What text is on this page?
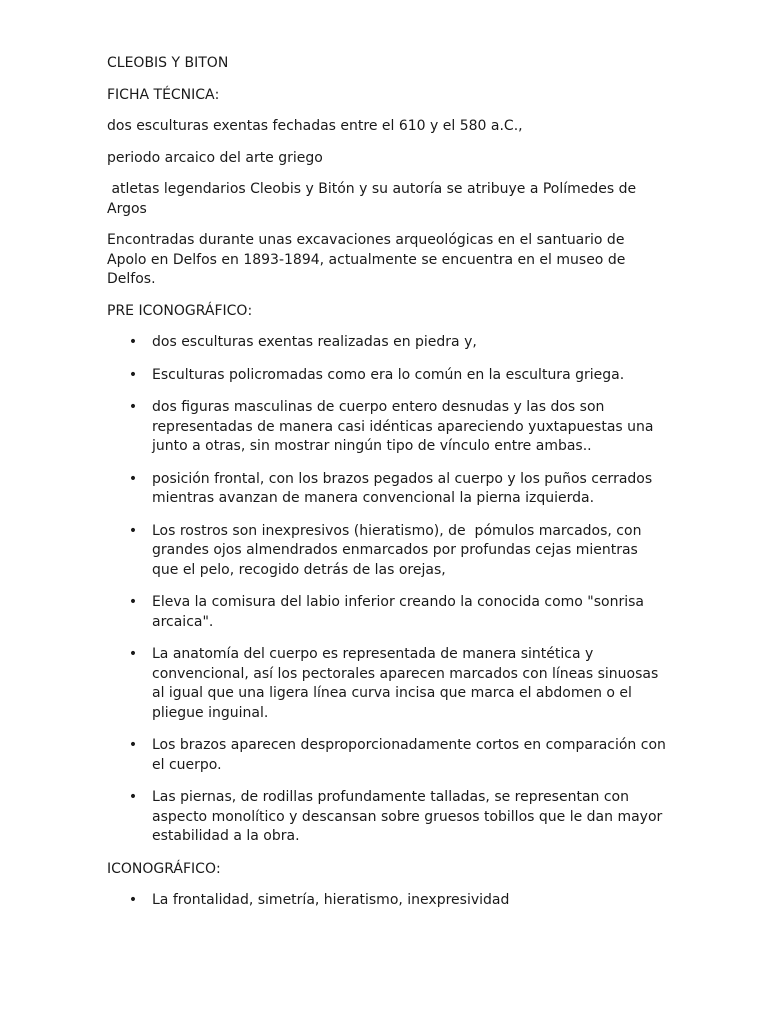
CLEOBIS Y BITON

FICHA TÉCNICA:

dos esculturas exentas fechadas entre el 610 y el 580 a.C.,

periodo arcaico del arte griego

atletas legendarios Cleobis y Bitón y su autoría se atribuye a Polímedes de Argos

Encontradas durante unas excavaciones arqueológicas en el santuario de Apolo en Delfos en 1893-1894, actualmente se encuentra en el museo de Delfos.

PRE ICONOGRÁFICO:

• dos esculturas exentas realizadas en piedra y,
• Esculturas policromadas como era lo común en la escultura griega.
• dos figuras masculinas de cuerpo entero desnudas y las dos son representadas de manera casi idénticas apareciendo yuxtapuestas una junto a otras, sin mostrar ningún tipo de vínculo entre ambas..
• posición frontal, con los brazos pegados al cuerpo y los puños cerrados mientras avanzan de manera convencional la pierna izquierda.
• Los rostros son inexpresivos (hieratismo), de  pómulos marcados, con grandes ojos almendrados enmarcados por profundas cejas mientras que el pelo, recogido detrás de las orejas,
• Eleva la comisura del labio inferior creando la conocida como "sonrisa arcaica".
• La anatomía del cuerpo es representada de manera sintética y convencional, así los pectorales aparecen marcados con líneas sinuosas al igual que una ligera línea curva incisa que marca el abdomen o el pliegue inguinal.
• Los brazos aparecen desproporcionadamente cortos en comparación con el cuerpo.
• Las piernas, de rodillas profundamente talladas, se representan con aspecto monolítico y descansan sobre gruesos tobillos que le dan mayor estabilidad a la obra.

ICONOGRÁFICO:

• La frontalidad, simetría, hieratismo, inexpresividad
